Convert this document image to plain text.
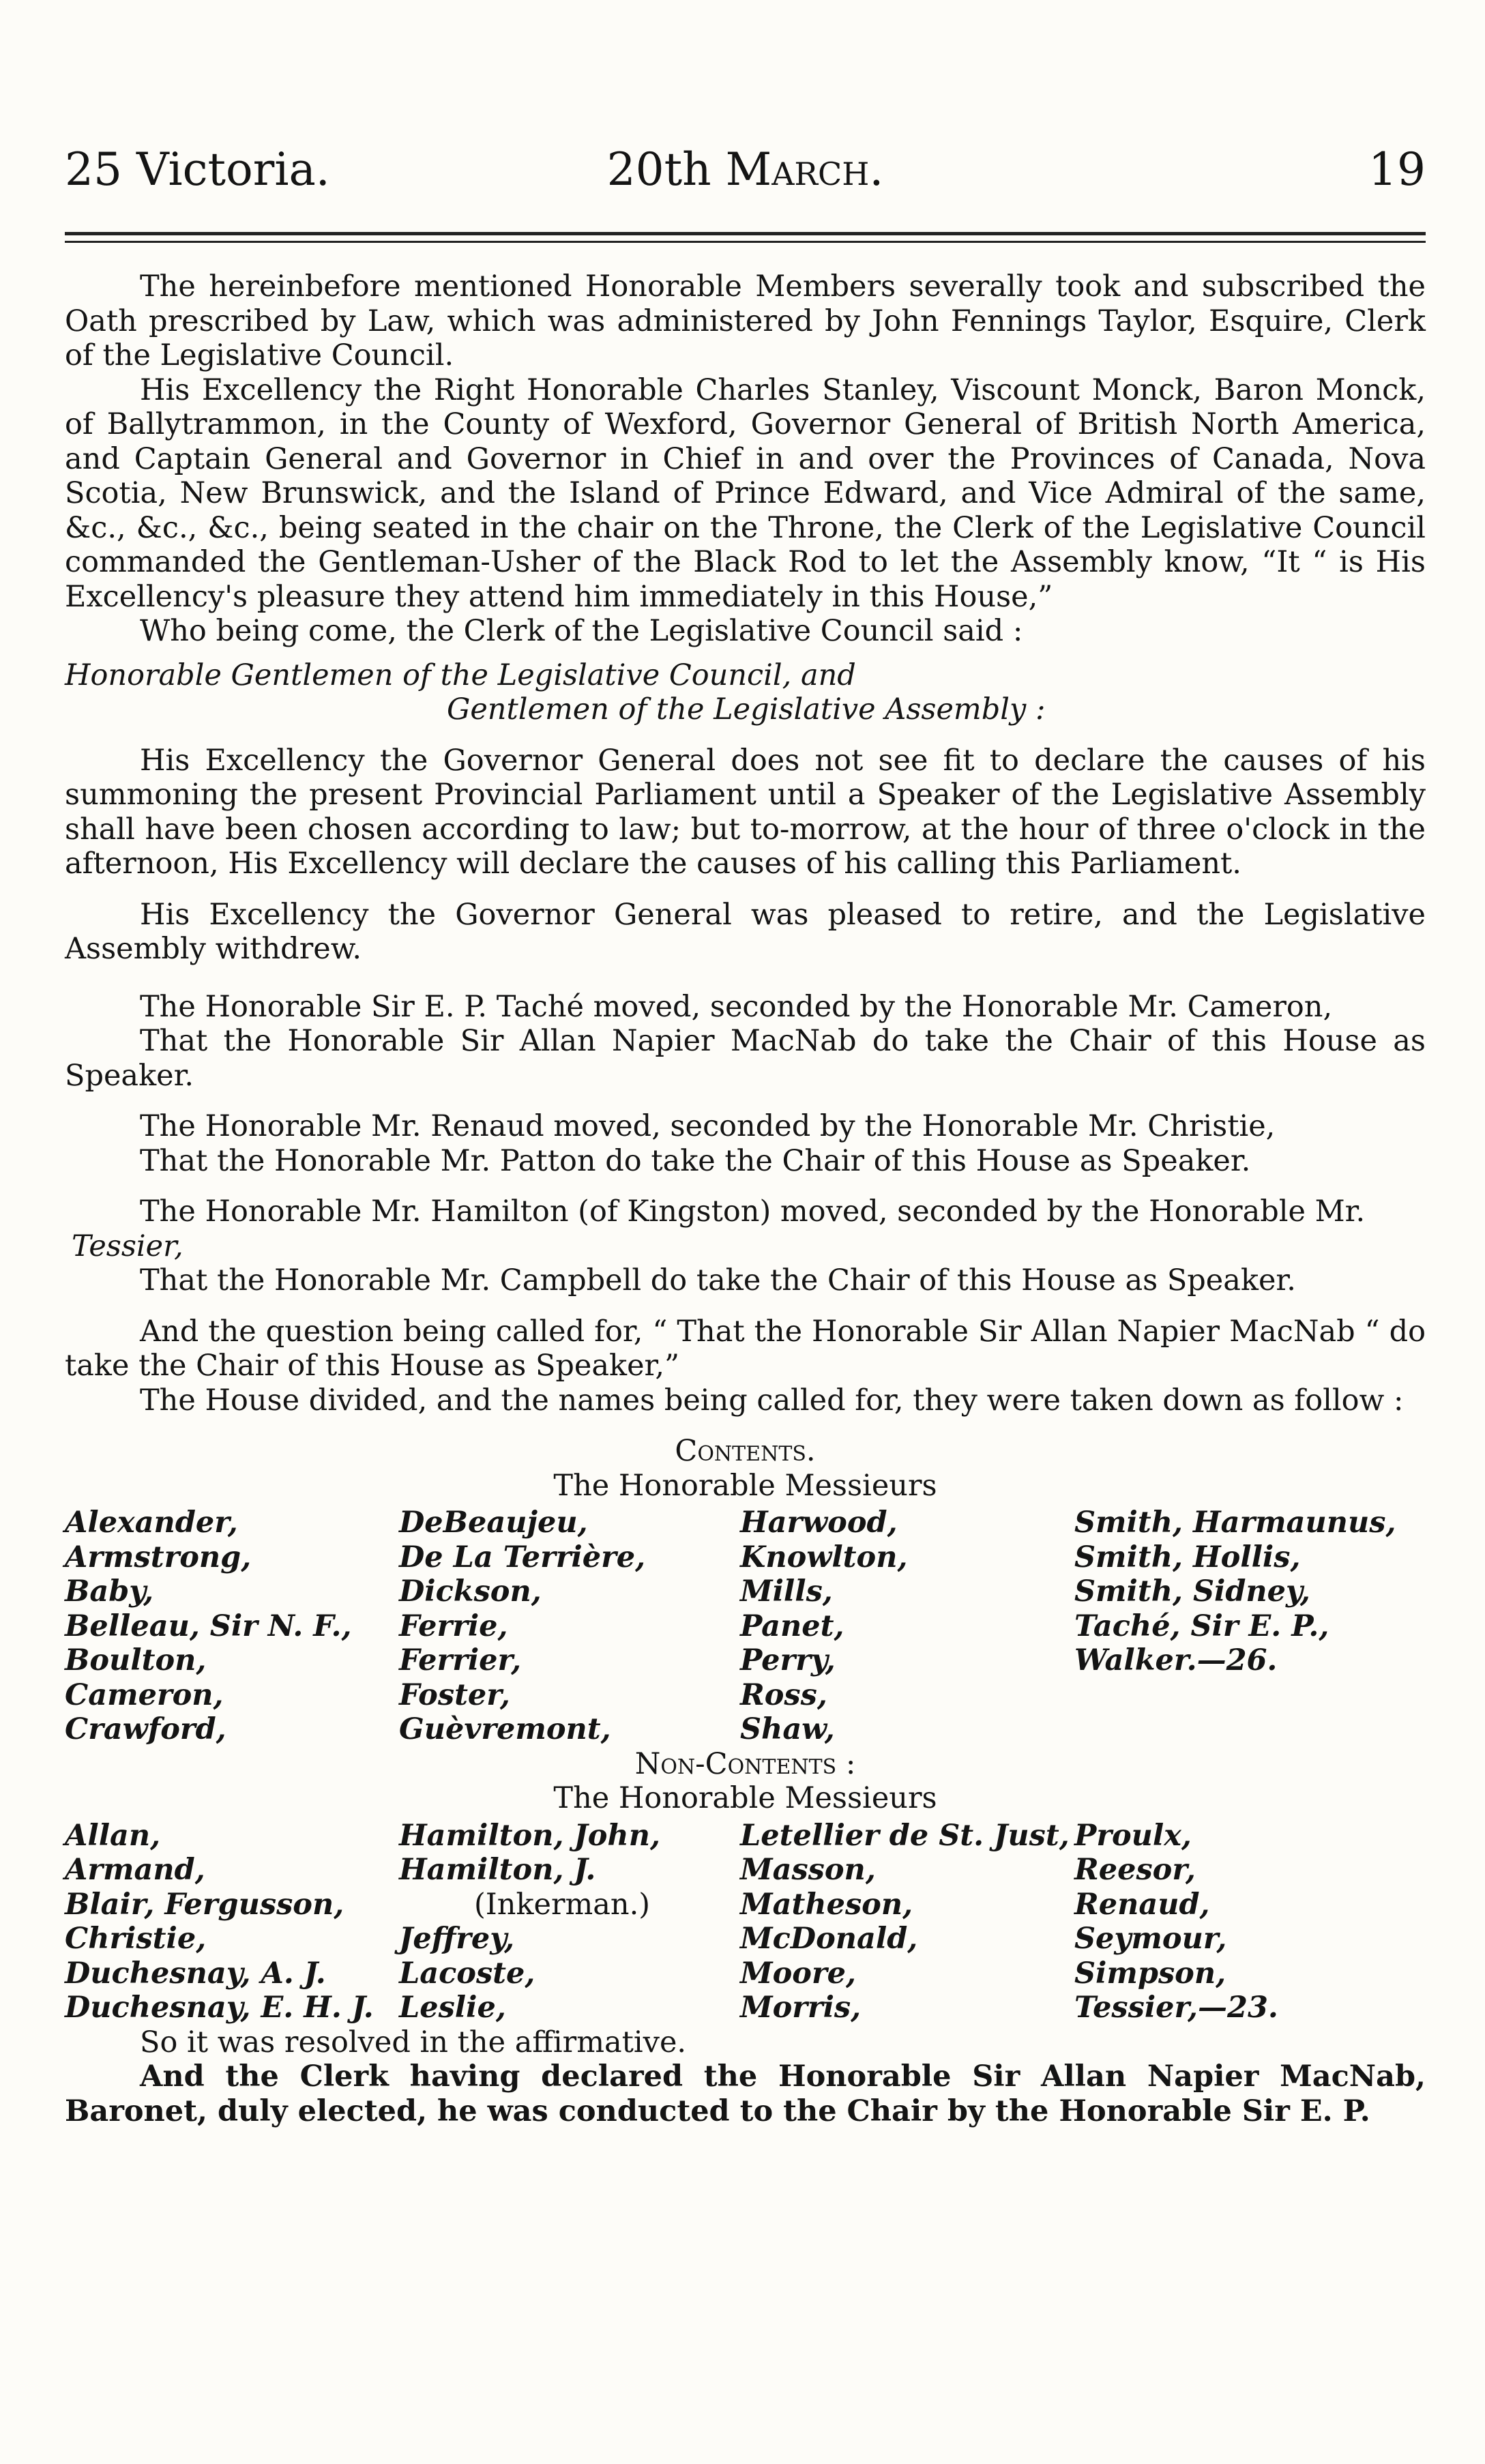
25 Victoria.	20th March.	19

The hereinbefore mentioned Honorable Members severally took and subscribed the Oath prescribed by Law, which was administered by John Fennings Taylor, Esquire, Clerk of the Legislative Council.

His Excellency the Right Honorable Charles Stanley, Viscount Monck, Baron Monck, of Ballytrammon, in the County of Wexford, Governor General of British North America, and Captain General and Governor in Chief in and over the Provinces of Canada, Nova Scotia, New Brunswick, and the Island of Prince Edward, and Vice Admiral of the same, &c., &c., &c., being seated in the chair on the Throne, the Clerk of the Legislative Council commanded the Gentleman-Usher of the Black Rod to let the Assembly know, “It “ is His Excellency's pleasure they attend him immediately in this House,”

Who being come, the Clerk of the Legislative Council said :

Honorable Gentlemen of the Legislative Council, and

Gentlemen of the Legislative Assembly :

His Excellency the Governor General does not see fit to declare the causes of his summoning the present Provincial Parliament until a Speaker of the Legislative Assembly shall have been chosen according to law; but to-morrow, at the hour of three o'clock in the afternoon, His Excellency will declare the causes of his calling this Parliament.

His Excellency the Governor General was pleased to retire, and the Legislative Assembly withdrew.

The Honorable Sir E. P. Taché moved, seconded by the Honorable Mr. Cameron,

That the Honorable Sir Allan Napier MacNab do take the Chair of this House as Speaker.

The Honorable Mr. Renaud moved, seconded by the Honorable Mr. Christie,

That the Honorable Mr. Patton do take the Chair of this House as Speaker.

The Honorable Mr. Hamilton (of Kingston) moved, seconded by the Honorable Mr.

Tessier,

That the Honorable Mr. Campbell do take the Chair of this House as Speaker.

And the question being called for, “ That the Honorable Sir Allan Napier MacNab “ do take the Chair of this House as Speaker,”

The House divided, and the names being called for, they were taken down as follow :

Contents.

The Honorable Messieurs

Alexander,
Armstrong,
Baby,
Belleau, Sir N. F.,
Boulton,
Cameron,
Crawford,
DeBeaujeu,
De La Terrière,
Dickson,
Ferrie,
Ferrier,
Foster,
Guèvremont,
Harwood,
Knowlton,
Mills,
Panet,
Perry,
Ross,
Shaw,
Smith, Harmaunus,
Smith, Hollis,
Smith, Sidney,
Taché, Sir E. P.,
Walker.—26.

Non-Contents :

The Honorable Messieurs

Allan,
Armand,
Blair, Fergusson,
Christie,
Duchesnay, A. J.
Duchesnay, E. H. J.
Hamilton, John,
Hamilton, J.
(Inkerman.)
Jeffrey,
Lacoste,
Leslie,
Letellier de St. Just,
Masson,
Matheson,
McDonald,
Moore,
Morris,
Proulx,
Reesor,
Renaud,
Seymour,
Simpson,
Tessier,—23.

So it was resolved in the affirmative.

And the Clerk having declared the Honorable Sir Allan Napier MacNab, Baronet, duly elected, he was conducted to the Chair by the Honorable Sir E. P.
